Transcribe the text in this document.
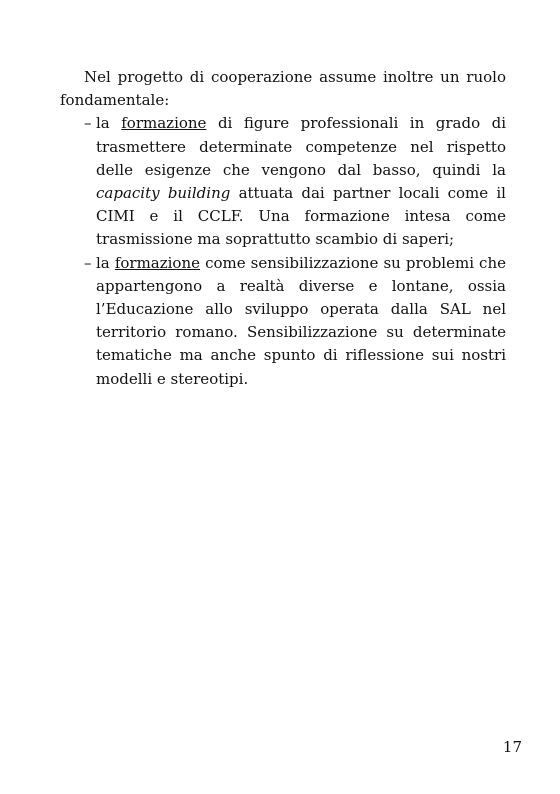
Nel progetto di cooperazione assume inoltre un ruolo fondamentale:

– la formazione di figure professionali in grado di trasmettere determinate competenze nel rispetto delle esigenze che vengono dal basso, quindi la capacity building attuata dai partner locali come il CIMI e il CCLF. Una formazione intesa come trasmissione ma soprattutto scambio di saperi;
– la formazione come sensibilizzazione su problemi che appartengono a realtà diverse e lontane, ossia l’Educazione allo sviluppo operata dalla SAL nel territorio romano. Sensibilizzazione su determinate tematiche ma anche spunto di riflessione sui nostri modelli e stereotipi.
17
